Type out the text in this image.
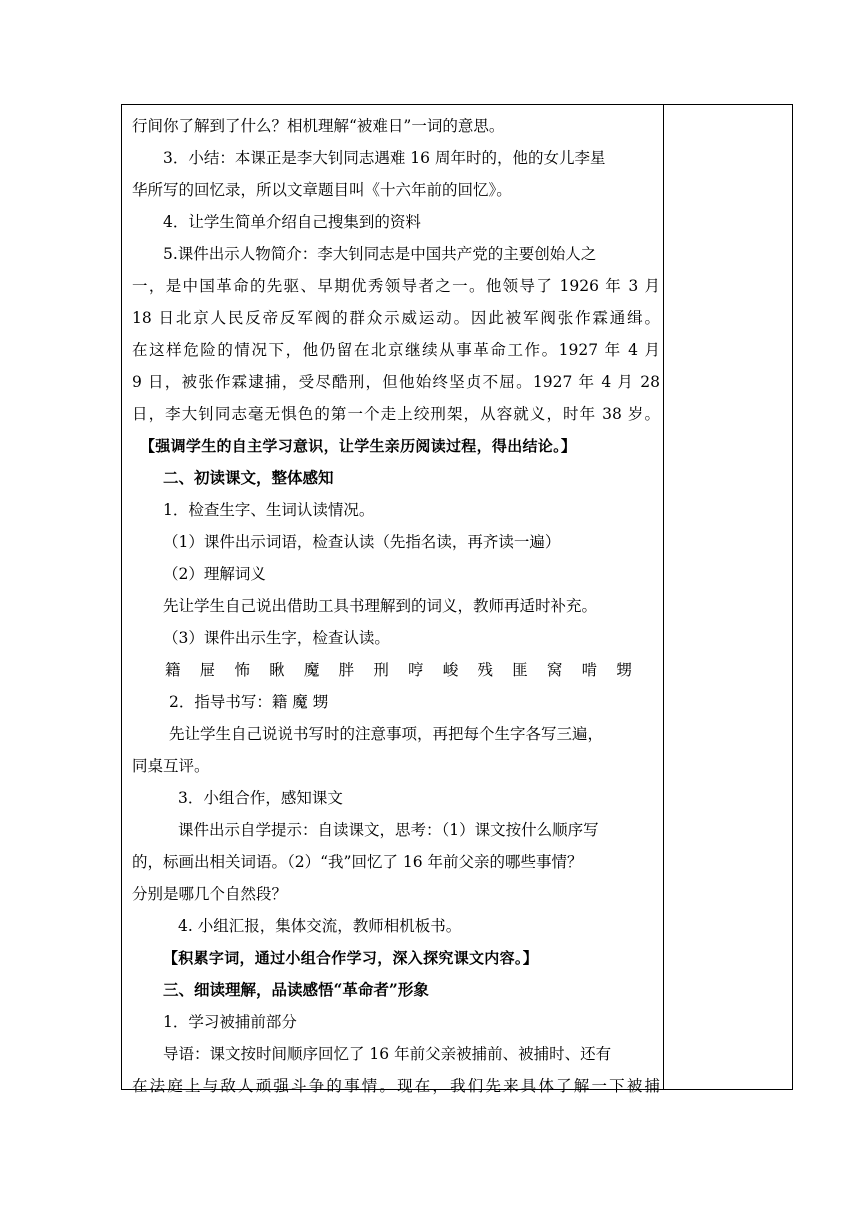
行间你了解到了什么？相机理解“被难日”一词的意思。
3．小结：本课正是李大钊同志遇难 16 周年时的，他的女儿李星
华所写的回忆录，所以文章题目叫《十六年前的回忆》。
4．让学生简单介绍自己搜集到的资料
5.课件出示人物简介：李大钊同志是中国共产党的主要创始人之
一，是中国革命的先驱、早期优秀领导者之一。他领导了 1926 年 3 月
18 日北京人民反帝反军阀的群众示威运动。因此被军阀张作霖通缉。
在这样危险的情况下，他仍留在北京继续从事革命工作。1927 年 4 月
9 日，被张作霖逮捕，受尽酷刑，但他始终坚贞不屈。1927 年 4 月 28
日，李大钊同志毫无惧色的第一个走上绞刑架，从容就义，时年 38 岁。
【强调学生的自主学习意识，让学生亲历阅读过程，得出结论。】
二、初读课文，整体感知
1．检查生字、生词认读情况。
（1）课件出示词语，检查认读（先指名读，再齐读一遍）
（2）理解词义
先让学生自己说出借助工具书理解到的词义，教师再适时补充。
（3）课件出示生字，检查认读。
籍 屉 怖 瞅 魔 胖 刑 哼 峻 残 匪 窝 啃 甥
2．指导书写：籍 魔 甥
先让学生自己说说书写时的注意事项，再把每个生字各写三遍，
同桌互评。
3．小组合作，感知课文
课件出示自学提示：自读课文，思考：（1）课文按什么顺序写
的，标画出相关词语。（2）“我”回忆了 16 年前父亲的哪些事情？
分别是哪几个自然段？
4. 小组汇报，集体交流，教师相机板书。
【积累字词，通过小组合作学习，深入探究课文内容。】
三、细读理解，品读感悟“革命者”形象
1．学习被捕前部分
导语：课文按时间顺序回忆了 16 年前父亲被捕前、被捕时、还有
在法庭上与敌人顽强斗争的事情。现在，我们先来具体了解一下被捕
